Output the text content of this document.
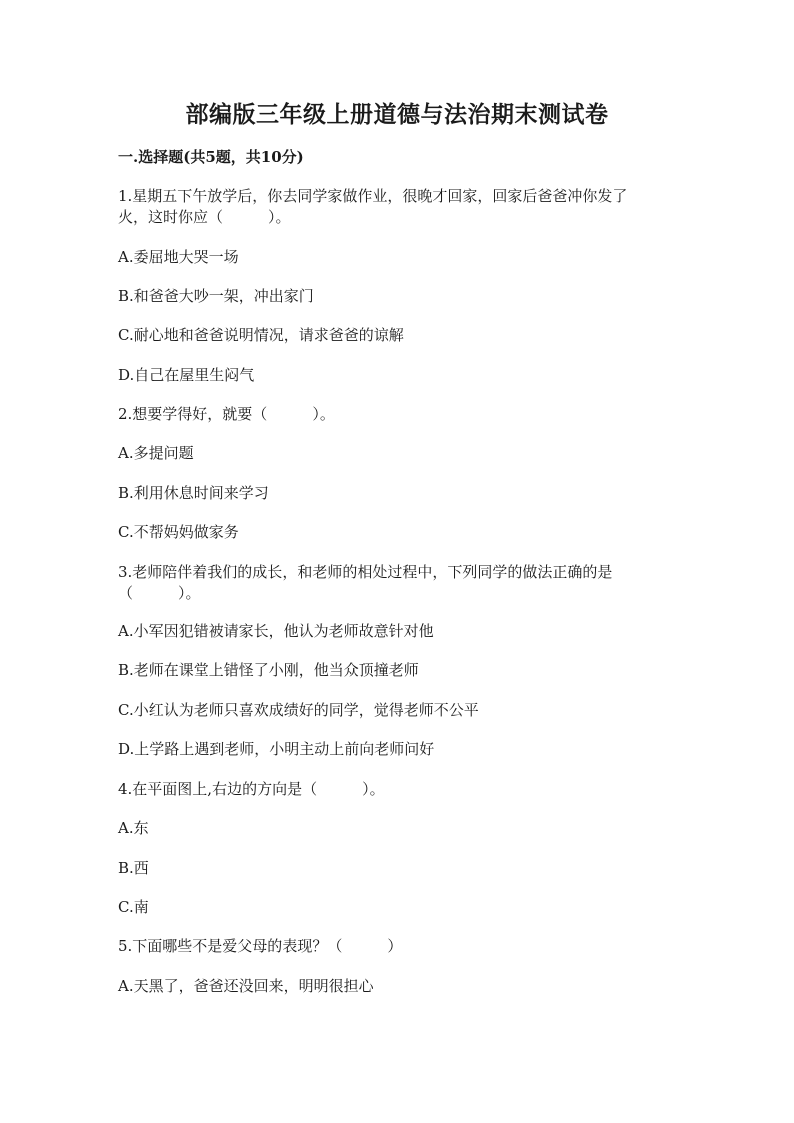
部编版三年级上册道德与法治期末测试卷

一.选择题(共5题，共10分)

1.星期五下午放学后，你去同学家做作业，很晚才回家，回家后爸爸冲你发了

火，这时你应（　　　）。

A.委屈地大哭一场

B.和爸爸大吵一架，冲出家门

C.耐心地和爸爸说明情况，请求爸爸的谅解

D.自己在屋里生闷气

2.想要学得好，就要（　　　）。

A.多提问题

B.利用休息时间来学习

C.不帮妈妈做家务

3.老师陪伴着我们的成长，和老师的相处过程中，下列同学的做法正确的是

（　　　）。

A.小军因犯错被请家长，他认为老师故意针对他

B.老师在课堂上错怪了小刚，他当众顶撞老师

C.小红认为老师只喜欢成绩好的同学，觉得老师不公平

D.上学路上遇到老师，小明主动上前向老师问好

4.在平面图上,右边的方向是（　　　）。

A.东

B.西

C.南

5.下面哪些不是爱父母的表现？（　　　）

A.天黑了，爸爸还没回来，明明很担心
